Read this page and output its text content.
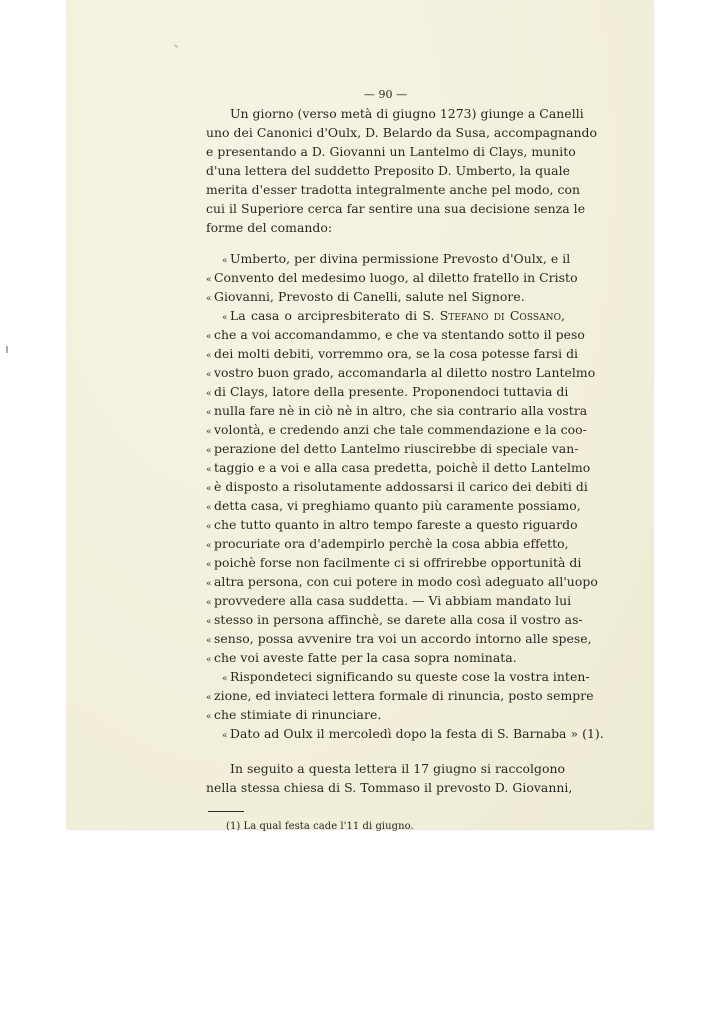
— 90 —
Un giorno (verso metà di giugno 1273) giunge a Canelli
uno dei Canonici d'Oulx, D. Belardo da Susa, accompagnando
e presentando a D. Giovanni un Lantelmo di Clays, munito
d'una lettera del suddetto Preposito D. Umberto, la quale
merita d'esser tradotta integralmente anche pel modo, con
cui il Superiore cerca far sentire una sua decisione senza le
forme del comando:
« Umberto, per divina permissione Prevosto d'Oulx, e il
« Convento del medesimo luogo, al diletto fratello in Cristo
« Giovanni, Prevosto di Canelli, salute nel Signore.
« La casa o arcipresbiterato di S. Stefano di Cossano,
« che a voi accomandammo, e che va stentando sotto il peso
« dei molti debiti, vorremmo ora, se la cosa potesse farsi di
« vostro buon grado, accomandarla al diletto nostro Lantelmo
« di Clays, latore della presente. Proponendoci tuttavia di
« nulla fare nè in ciò nè in altro, che sia contrario alla vostra
« volontà, e credendo anzi che tale commendazione e la coo-
« perazione del detto Lantelmo riuscirebbe di speciale van-
« taggio e a voi e alla casa predetta, poichè il detto Lantelmo
« è disposto a risolutamente addossarsi il carico dei debiti di
« detta casa, vi preghiamo quanto più caramente possiamo,
« che tutto quanto in altro tempo fareste a questo riguardo
« procuriate ora d'adempirlo perchè la cosa abbia effetto,
« poichè forse non facilmente ci si offrirebbe opportunità di
« altra persona, con cui potere in modo così adeguato all'uopo
« provvedere alla casa suddetta. — Vi abbiam mandato lui
« stesso in persona affinchè, se darete alla cosa il vostro as-
« senso, possa avvenire tra voi un accordo intorno alle spese,
« che voi aveste fatte per la casa sopra nominata.
« Rispondeteci significando su queste cose la vostra inten-
« zione, ed inviateci lettera formale di rinuncia, posto sempre
« che stimiate di rinunciare.
« Dato ad Oulx il mercoledì dopo la festa di S. Barnaba » (1).
In seguito a questa lettera il 17 giugno si raccolgono
nella stessa chiesa di S. Tommaso il prevosto D. Giovanni,
(1) La qual festa cade l'11 di giugno.
